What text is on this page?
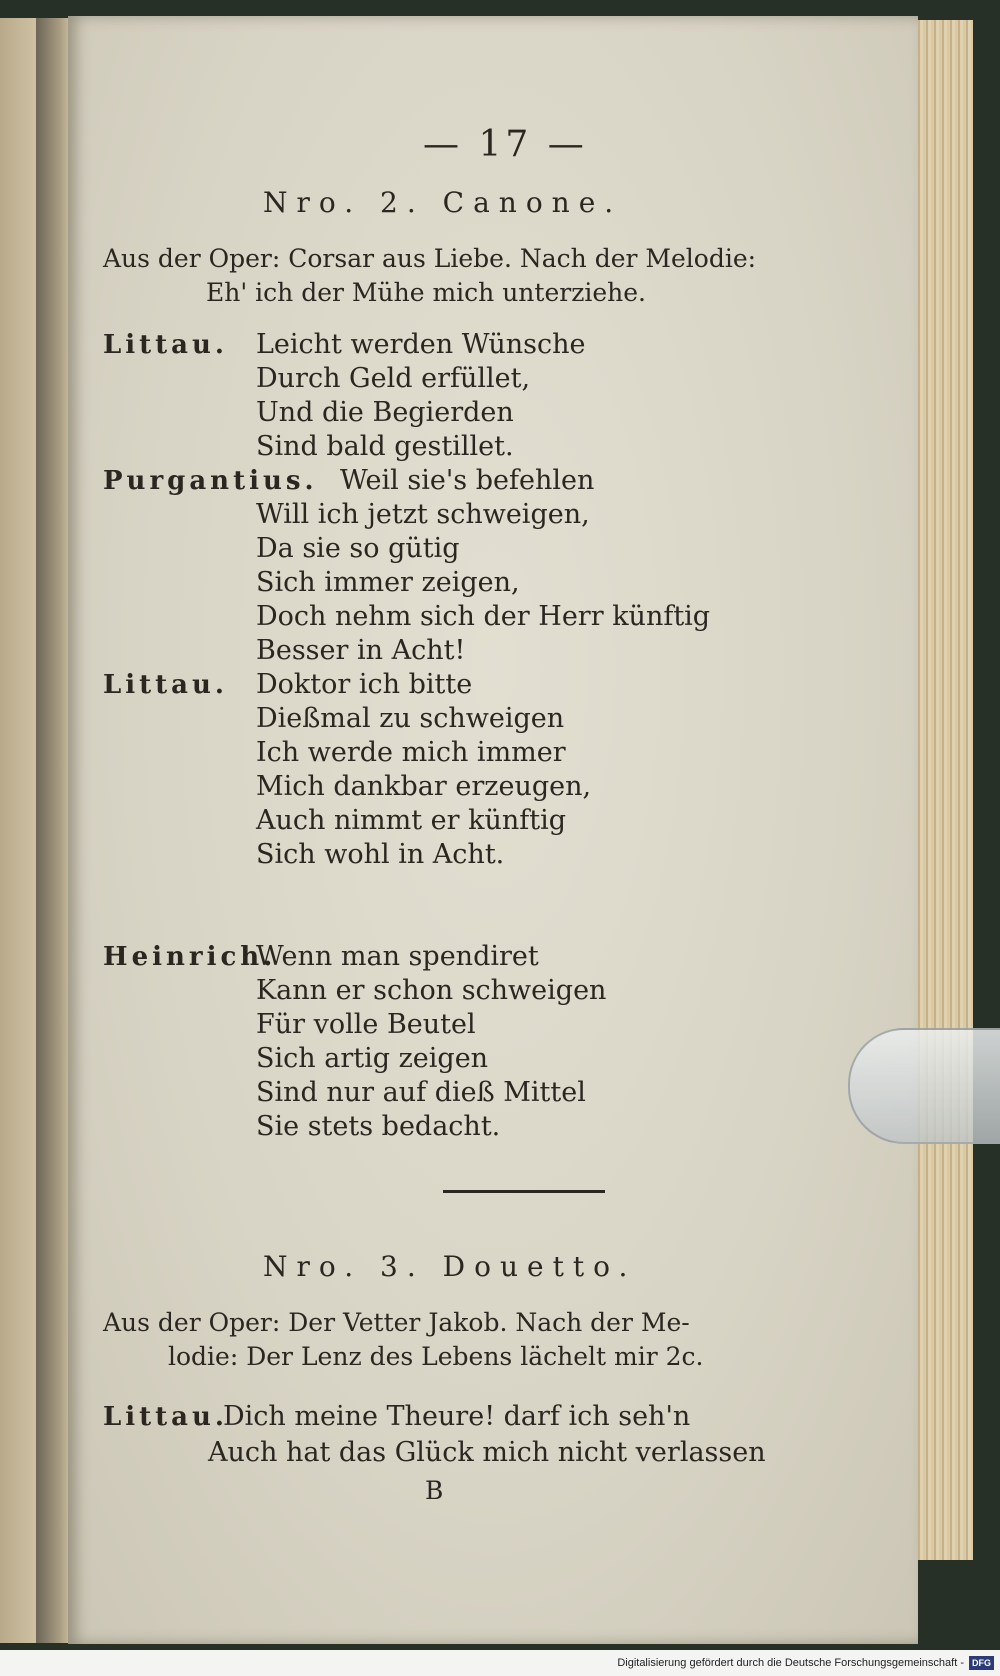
— 17 —
Nro. 2. Canone.
Aus der Oper: Corsar aus Liebe. Nach der Melodie:
Eh' ich der Mühe mich unterziehe.
Littau. Leicht werden Wünsche
Durch Geld erfüllet,
Und die Begierden
Sind bald gestillet.
Purgantius. Weil sie's befehlen
Will ich jetzt schweigen,
Da sie so gütig
Sich immer zeigen,
Doch nehm sich der Herr künftig
Besser in Acht!
Littau. Doktor ich bitte
Dießmal zu schweigen
Ich werde mich immer
Mich dankbar erzeugen,
Auch nimmt er künftig
Sich wohl in Acht.
Heinrich.
Wenn man spendiret
Kann er schon schweigen
Für volle Beutel
Sich artig zeigen
Sind nur auf dieß Mittel
Sie stets bedacht.
Nro. 3. Douetto.
Aus der Oper: Der Vetter Jakob. Nach der Me-
lodie: Der Lenz des Lebens lächelt mir 2c.
Littau.
Dich meine Theure! darf ich seh'n
Auch hat das Glück mich nicht verlassen
B
Digitalisierung gefördert durch die Deutsche Forschungsgemeinschaft - DFG
